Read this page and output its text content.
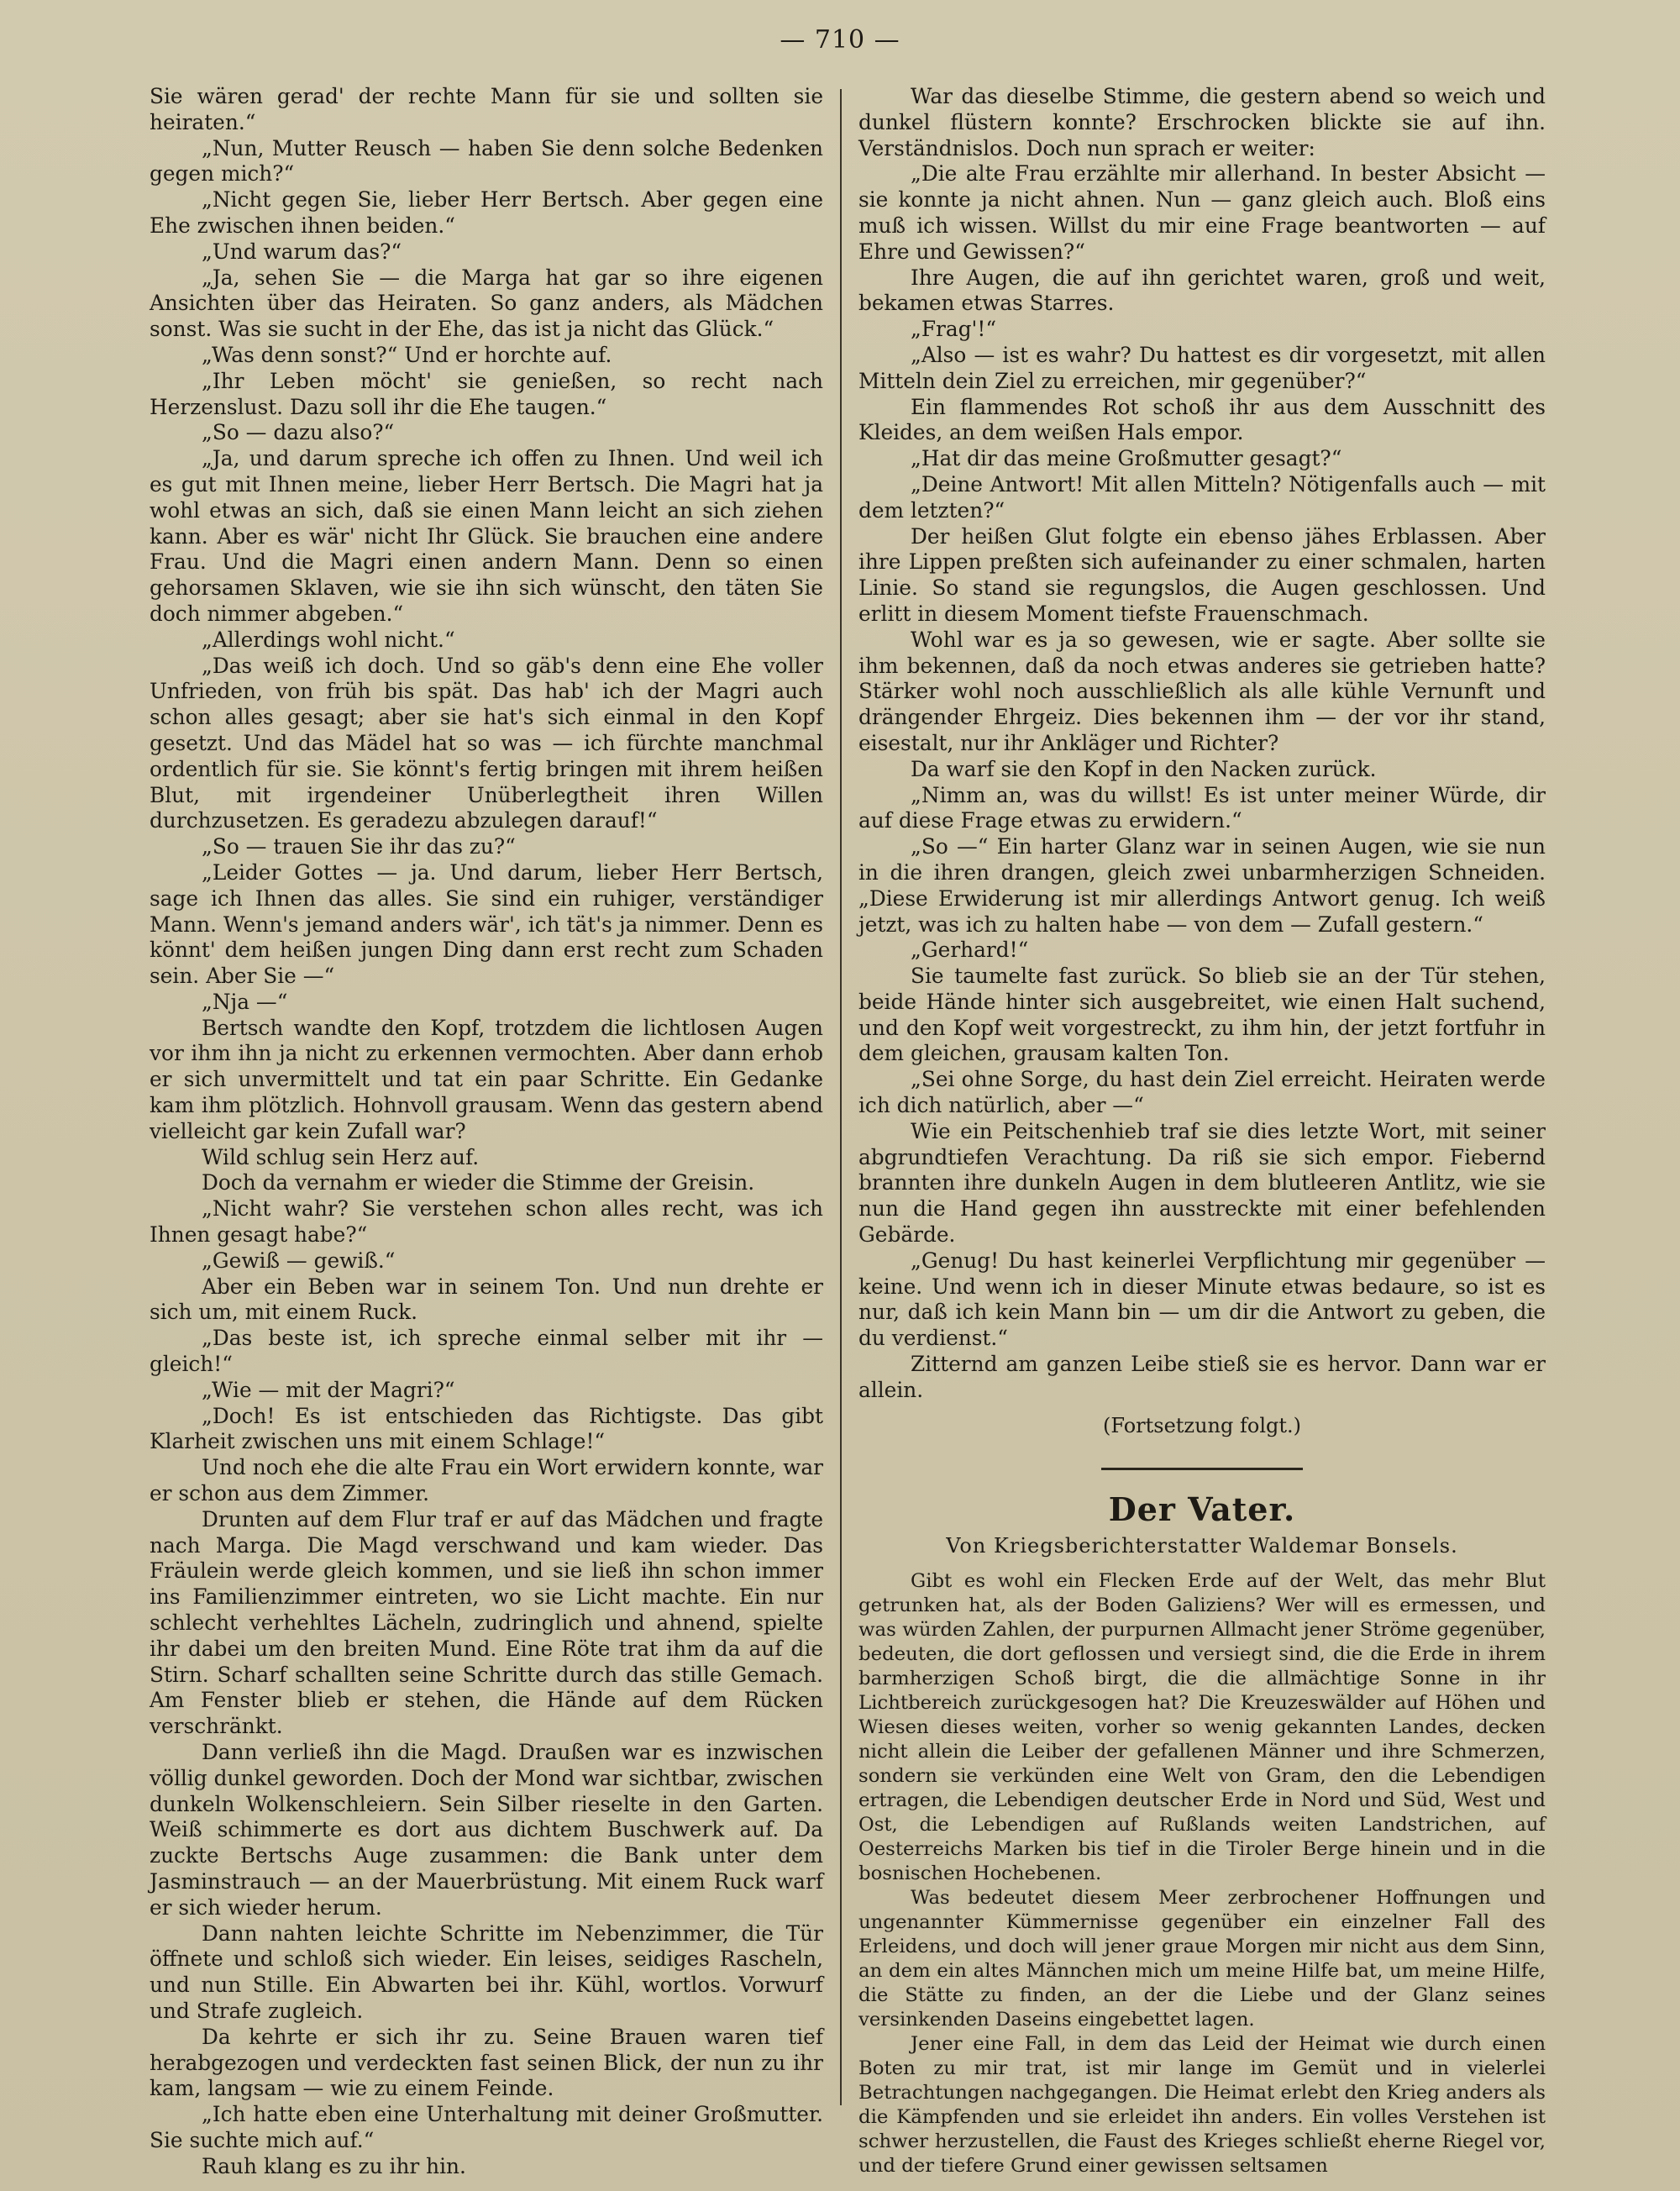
— 710 —

Sie wären gerad' der rechte Mann für sie und sollten sie heiraten.“

„Nun, Mutter Reusch — haben Sie denn solche Bedenken gegen mich?“

„Nicht gegen Sie, lieber Herr Bertsch. Aber gegen eine Ehe zwischen ihnen beiden.“

„Und warum das?“

„Ja, sehen Sie — die Marga hat gar so ihre eigenen Ansichten über das Heiraten. So ganz anders, als Mädchen sonst. Was sie sucht in der Ehe, das ist ja nicht das Glück.“

„Was denn sonst?“ Und er horchte auf.

„Ihr Leben möcht' sie genießen, so recht nach Herzenslust. Dazu soll ihr die Ehe taugen.“

„So — dazu also?“

„Ja, und darum spreche ich offen zu Ihnen. Und weil ich es gut mit Ihnen meine, lieber Herr Bertsch. Die Magri hat ja wohl etwas an sich, daß sie einen Mann leicht an sich ziehen kann. Aber es wär' nicht Ihr Glück. Sie brauchen eine andere Frau. Und die Magri einen andern Mann. Denn so einen gehorsamen Sklaven, wie sie ihn sich wünscht, den täten Sie doch nimmer abgeben.“

„Allerdings wohl nicht.“

„Das weiß ich doch. Und so gäb's denn eine Ehe voller Unfrieden, von früh bis spät. Das hab' ich der Magri auch schon alles gesagt; aber sie hat's sich einmal in den Kopf gesetzt. Und das Mädel hat so was — ich fürchte manchmal ordentlich für sie. Sie könnt's fertig bringen mit ihrem heißen Blut, mit irgendeiner Unüberlegtheit ihren Willen durchzusetzen. Es geradezu abzulegen darauf!“

„So — trauen Sie ihr das zu?“

„Leider Gottes — ja. Und darum, lieber Herr Bertsch, sage ich Ihnen das alles. Sie sind ein ruhiger, verständiger Mann. Wenn's jemand anders wär', ich tät's ja nimmer. Denn es könnt' dem heißen jungen Ding dann erst recht zum Schaden sein. Aber Sie —“

„Nja —“

Bertsch wandte den Kopf, trotzdem die lichtlosen Augen vor ihm ihn ja nicht zu erkennen vermochten. Aber dann erhob er sich unvermittelt und tat ein paar Schritte. Ein Gedanke kam ihm plötzlich. Hohnvoll grausam. Wenn das gestern abend vielleicht gar kein Zufall war?

Wild schlug sein Herz auf.

Doch da vernahm er wieder die Stimme der Greisin.

„Nicht wahr? Sie verstehen schon alles recht, was ich Ihnen gesagt habe?“

„Gewiß — gewiß.“

Aber ein Beben war in seinem Ton. Und nun drehte er sich um, mit einem Ruck.

„Das beste ist, ich spreche einmal selber mit ihr — gleich!“

„Wie — mit der Magri?“

„Doch! Es ist entschieden das Richtigste. Das gibt Klarheit zwischen uns mit einem Schlage!“

Und noch ehe die alte Frau ein Wort erwidern konnte, war er schon aus dem Zimmer.

Drunten auf dem Flur traf er auf das Mädchen und fragte nach Marga. Die Magd verschwand und kam wieder. Das Fräulein werde gleich kommen, und sie ließ ihn schon immer ins Familienzimmer eintreten, wo sie Licht machte. Ein nur schlecht verhehltes Lächeln, zudringlich und ahnend, spielte ihr dabei um den breiten Mund. Eine Röte trat ihm da auf die Stirn. Scharf schallten seine Schritte durch das stille Gemach. Am Fenster blieb er stehen, die Hände auf dem Rücken verschränkt.

Dann verließ ihn die Magd. Draußen war es inzwischen völlig dunkel geworden. Doch der Mond war sichtbar, zwischen dunkeln Wolkenschleiern. Sein Silber rieselte in den Garten. Weiß schimmerte es dort aus dichtem Buschwerk auf. Da zuckte Bertschs Auge zusammen: die Bank unter dem Jasminstrauch — an der Mauerbrüstung. Mit einem Ruck warf er sich wieder herum.

Dann nahten leichte Schritte im Nebenzimmer, die Tür öffnete und schloß sich wieder. Ein leises, seidiges Rascheln, und nun Stille. Ein Abwarten bei ihr. Kühl, wortlos. Vorwurf und Strafe zugleich.

Da kehrte er sich ihr zu. Seine Brauen waren tief herabgezogen und verdeckten fast seinen Blick, der nun zu ihr kam, langsam — wie zu einem Feinde.

„Ich hatte eben eine Unterhaltung mit deiner Großmutter. Sie suchte mich auf.“

Rauh klang es zu ihr hin.

War das dieselbe Stimme, die gestern abend so weich und dunkel flüstern konnte? Erschrocken blickte sie auf ihn. Verständnislos. Doch nun sprach er weiter:

„Die alte Frau erzählte mir allerhand. In bester Absicht — sie konnte ja nicht ahnen. Nun — ganz gleich auch. Bloß eins muß ich wissen. Willst du mir eine Frage beantworten — auf Ehre und Gewissen?“

Ihre Augen, die auf ihn gerichtet waren, groß und weit, bekamen etwas Starres.

„Frag'!“

„Also — ist es wahr? Du hattest es dir vorgesetzt, mit allen Mitteln dein Ziel zu erreichen, mir gegenüber?“

Ein flammendes Rot schoß ihr aus dem Ausschnitt des Kleides, an dem weißen Hals empor.

„Hat dir das meine Großmutter gesagt?“

„Deine Antwort! Mit allen Mitteln? Nötigenfalls auch — mit dem letzten?“

Der heißen Glut folgte ein ebenso jähes Erblassen. Aber ihre Lippen preßten sich aufeinander zu einer schmalen, harten Linie. So stand sie regungslos, die Augen geschlossen. Und erlitt in diesem Moment tiefste Frauenschmach.

Wohl war es ja so gewesen, wie er sagte. Aber sollte sie ihm bekennen, daß da noch etwas anderes sie getrieben hatte? Stärker wohl noch ausschließlich als alle kühle Vernunft und drängender Ehrgeiz. Dies bekennen ihm — der vor ihr stand, eisestalt, nur ihr Ankläger und Richter?

Da warf sie den Kopf in den Nacken zurück.

„Nimm an, was du willst! Es ist unter meiner Würde, dir auf diese Frage etwas zu erwidern.“

„So —“ Ein harter Glanz war in seinen Augen, wie sie nun in die ihren drangen, gleich zwei unbarmherzigen Schneiden. „Diese Erwiderung ist mir allerdings Antwort genug. Ich weiß jetzt, was ich zu halten habe — von dem — Zufall gestern.“

„Gerhard!“

Sie taumelte fast zurück. So blieb sie an der Tür stehen, beide Hände hinter sich ausgebreitet, wie einen Halt suchend, und den Kopf weit vorgestreckt, zu ihm hin, der jetzt fortfuhr in dem gleichen, grausam kalten Ton.

„Sei ohne Sorge, du hast dein Ziel erreicht. Heiraten werde ich dich natürlich, aber —“

Wie ein Peitschenhieb traf sie dies letzte Wort, mit seiner abgrundtiefen Verachtung. Da riß sie sich empor. Fiebernd brannten ihre dunkeln Augen in dem blutleeren Antlitz, wie sie nun die Hand gegen ihn ausstreckte mit einer befehlenden Gebärde.

„Genug! Du hast keinerlei Verpflichtung mir gegenüber — keine. Und wenn ich in dieser Minute etwas bedaure, so ist es nur, daß ich kein Mann bin — um dir die Antwort zu geben, die du verdienst.“

Zitternd am ganzen Leibe stieß sie es hervor. Dann war er allein.

(Fortsetzung folgt.)

Der Vater.

Von Kriegsberichterstatter Waldemar Bonsels.

Gibt es wohl ein Flecken Erde auf der Welt, das mehr Blut getrunken hat, als der Boden Galiziens? Wer will es ermessen, und was würden Zahlen, der purpurnen Allmacht jener Ströme gegenüber, bedeuten, die dort geflossen und versiegt sind, die die Erde in ihrem barmherzigen Schoß birgt, die die allmächtige Sonne in ihr Lichtbereich zurückgesogen hat? Die Kreuzeswälder auf Höhen und Wiesen dieses weiten, vorher so wenig gekannten Landes, decken nicht allein die Leiber der gefallenen Männer und ihre Schmerzen, sondern sie verkünden eine Welt von Gram, den die Lebendigen ertragen, die Lebendigen deutscher Erde in Nord und Süd, West und Ost, die Lebendigen auf Rußlands weiten Landstrichen, auf Oesterreichs Marken bis tief in die Tiroler Berge hinein und in die bosnischen Hochebenen.

Was bedeutet diesem Meer zerbrochener Hoffnungen und ungenannter Kümmernisse gegenüber ein einzelner Fall des Erleidens, und doch will jener graue Morgen mir nicht aus dem Sinn, an dem ein altes Männchen mich um meine Hilfe bat, um meine Hilfe, die Stätte zu finden, an der die Liebe und der Glanz seines versinkenden Daseins eingebettet lagen.

Jener eine Fall, in dem das Leid der Heimat wie durch einen Boten zu mir trat, ist mir lange im Gemüt und in vielerlei Betrachtungen nachgegangen. Die Heimat erlebt den Krieg anders als die Kämpfenden und sie erleidet ihn anders. Ein volles Verstehen ist schwer herzustellen, die Faust des Krieges schließt eherne Riegel vor, und der tiefere Grund einer gewissen seltsamen
